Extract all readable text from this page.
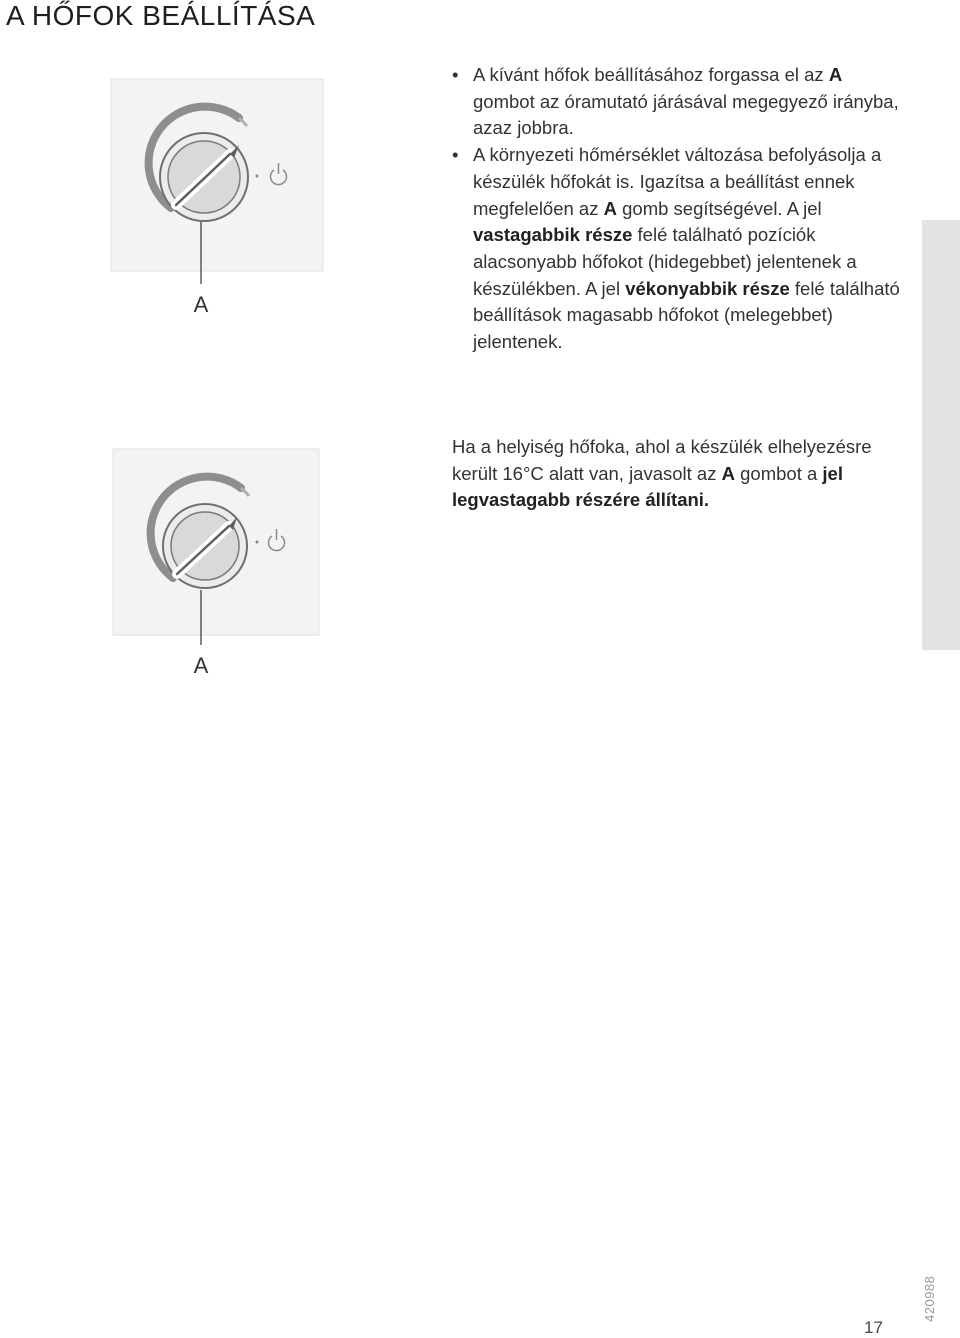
A HŐFOK BEÁLLÍTÁSA
A
• A kívánt hőfok beállításához forgassa el az A gombot az óramutató járásával megegyező irányba, azaz jobbra.
• A környezeti hőmérséklet változása befolyásolja a készülék hőfokát is. Igazítsa a beállítást ennek megfelelően az A gomb segítségével. A jel vastagabbik része felé található pozíciók alacsonyabb hőfokot (hidegebbet) jelentenek a készülékben. A jel vékonyabbik része felé található beállítások magasabb hőfokot (melegebbet) jelentenek.
A

Ha a helyiség hőfoka, ahol a készülék elhelyezésre került 16°C alatt van, javasolt az A gombot a jel legvastagabb részére állítani.

17
420988
